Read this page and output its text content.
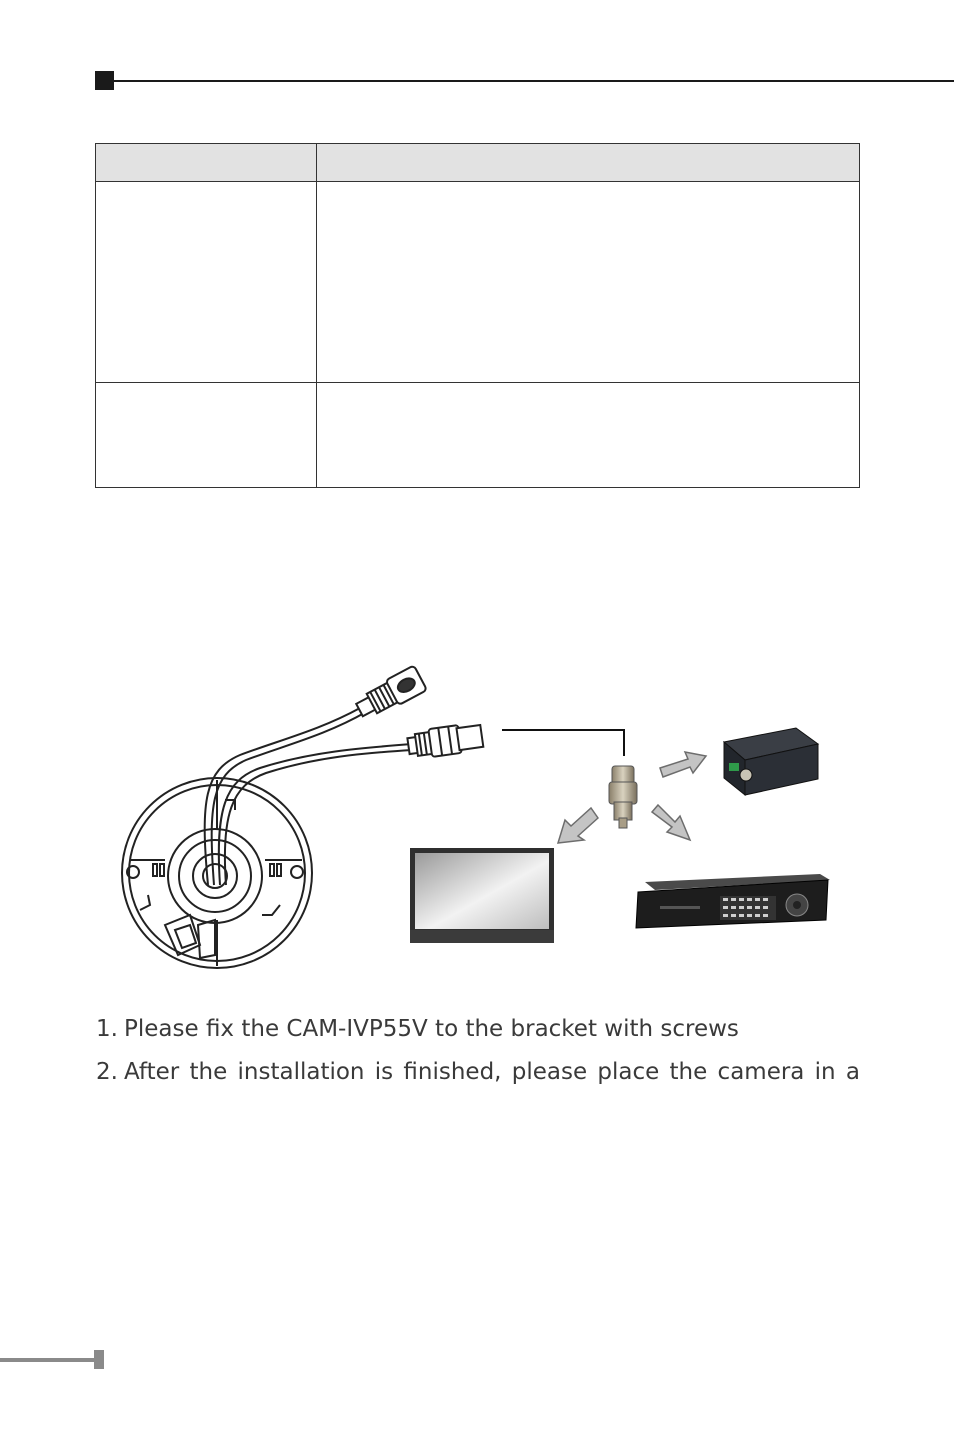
1. Please fix the CAM-IVP55V to the bracket with screws
2. After the installation is finished, please place the camera in a
